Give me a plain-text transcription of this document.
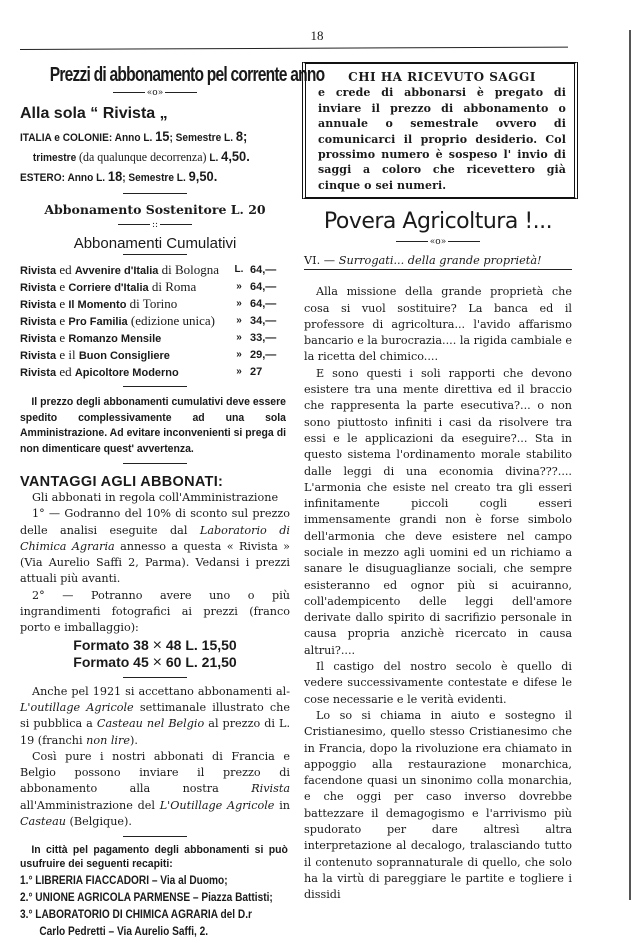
18
Prezzi di abbonamento pel corrente anno
«o»
Alla sola “ Rivista „
ITALIA e COLONIE: Anno L. 15; Semestre L. 8;
trimestre (da qualunque decorrenza) L. 4,50.
ESTERO: Anno L. 18; Semestre L. 9,50.
Abbonamento Sostenitore L. 20
::
Abbonamenti Cumulativi
Rivista ed Avvenire d'Italia di Bologna	L.	64,—
Rivista e Corriere d'Italia di Roma	»	64,—
Rivista e Il Momento di Torino	»	64,—
Rivista e Pro Familia (edizione unica)	»	34,—
Rivista e Romanzo Mensile	»	33,—
Rivista e il Buon Consigliere	»	29,—
Rivista ed Apicoltore Moderno	»	27

Il prezzo degli abbonamenti cumulativi deve essere spedito complessivamente ad una sola Amministrazione. Ad evitare inconvenienti si prega di non dimenticare quest' avvertenza.

VANTAGGI AGLI ABBONATI:

Gli abbonati in regola coll'Amministrazione

1° — Godranno del 10% di sconto sul prezzo delle analisi eseguite dal Laboratorio di Chimica Agraria annesso a questa « Rivista » (Via Aurelio Saffi 2, Parma). Vedansi i prezzi attuali più avanti.

2° — Potranno avere uno o più ingrandimenti fotografici ai prezzi (franco porto e imballaggio):

Formato 38 × 48 L. 15,50
Formato 45 × 60 L. 21,50

Anche pel 1921 si accettano abbonamenti al- L'outillage Agricole settimanale illustrato che si pubblica a Casteau nel Belgio al prezzo di L. 19 (franchi non lire).

Così pure i nostri abbonati di Francia e Belgio possono inviare il prezzo di abbonamento alla nostra Rivista all'Amministrazione del L'Outillage Agricole in Casteau (Belgique).

In città pel pagamento degli abbonamenti si può usufruire dei seguenti recapiti:

1.° LIBRERIA FIACCADORI – Via al Duomo;
2.° UNIONE AGRICOLA PARMENSE – Piazza Battisti;
3.° LABORATORIO DI CHIMICA AGRARIA del D.r
Carlo Pedretti – Via Aurelio Saffi, 2.

CHI HA RICEVUTO SAGGI

e crede di abbonarsi è pregato di inviare il prezzo di abbonamento o annuale o semestrale ovvero di comunicarci il proprio desiderio. Col prossimo numero è sospeso l' invio di saggi a coloro che ricevettero già cinque o sei numeri.

Povera Agricoltura !...
«o»
VI. — Surrogati... della grande proprietà!

Alla missione della grande proprietà che cosa si vuol sostituire? La banca ed il professore di agricoltura... l'avido affarismo bancario e la burocrazia.... la rigida cambiale e la ricetta del chimico....

E sono questi i soli rapporti che devono esistere tra una mente direttiva ed il braccio che rappresenta la parte esecutiva?... o non sono piuttosto infiniti i casi da risolvere tra essi e le applicazioni da eseguire?... Sta in questo sistema l'ordinamento morale stabilito dalle leggi di una economia divina???.... L'armonia che esiste nel creato tra gli esseri infinitamente piccoli cogli esseri immensamente grandi non è forse simbolo dell'armonia che deve esistere nel campo sociale in mezzo agli uomini ed un richiamo a sanare le disuguaglianze sociali, che sempre esisteranno ed ognor più si acuiranno, coll'adempicento delle leggi dell'amore derivate dallo spirito di sacrifizio personale in causa propria anzichè ricercato in causa altrui?....

Il castigo del nostro secolo è quello di vedere successivamente contestate e difese le cose necessarie e le verità evidenti.

Lo so si chiama in aiuto e sostegno il Cristianesimo, quello stesso Cristianesimo che in Francia, dopo la rivoluzione era chiamato in appoggio alla restaurazione monarchica, facendone quasi un sinonimo colla monarchia, e che oggi per caso inverso dovrebbe battezzare il demagogismo e l'arrivismo più spudorato per dare altresì altra interpretazione al decalogo, tralasciando tutto il contenuto soprannaturale di quello, che solo ha la virtù di pareggiare le partite e togliere i dissidi
